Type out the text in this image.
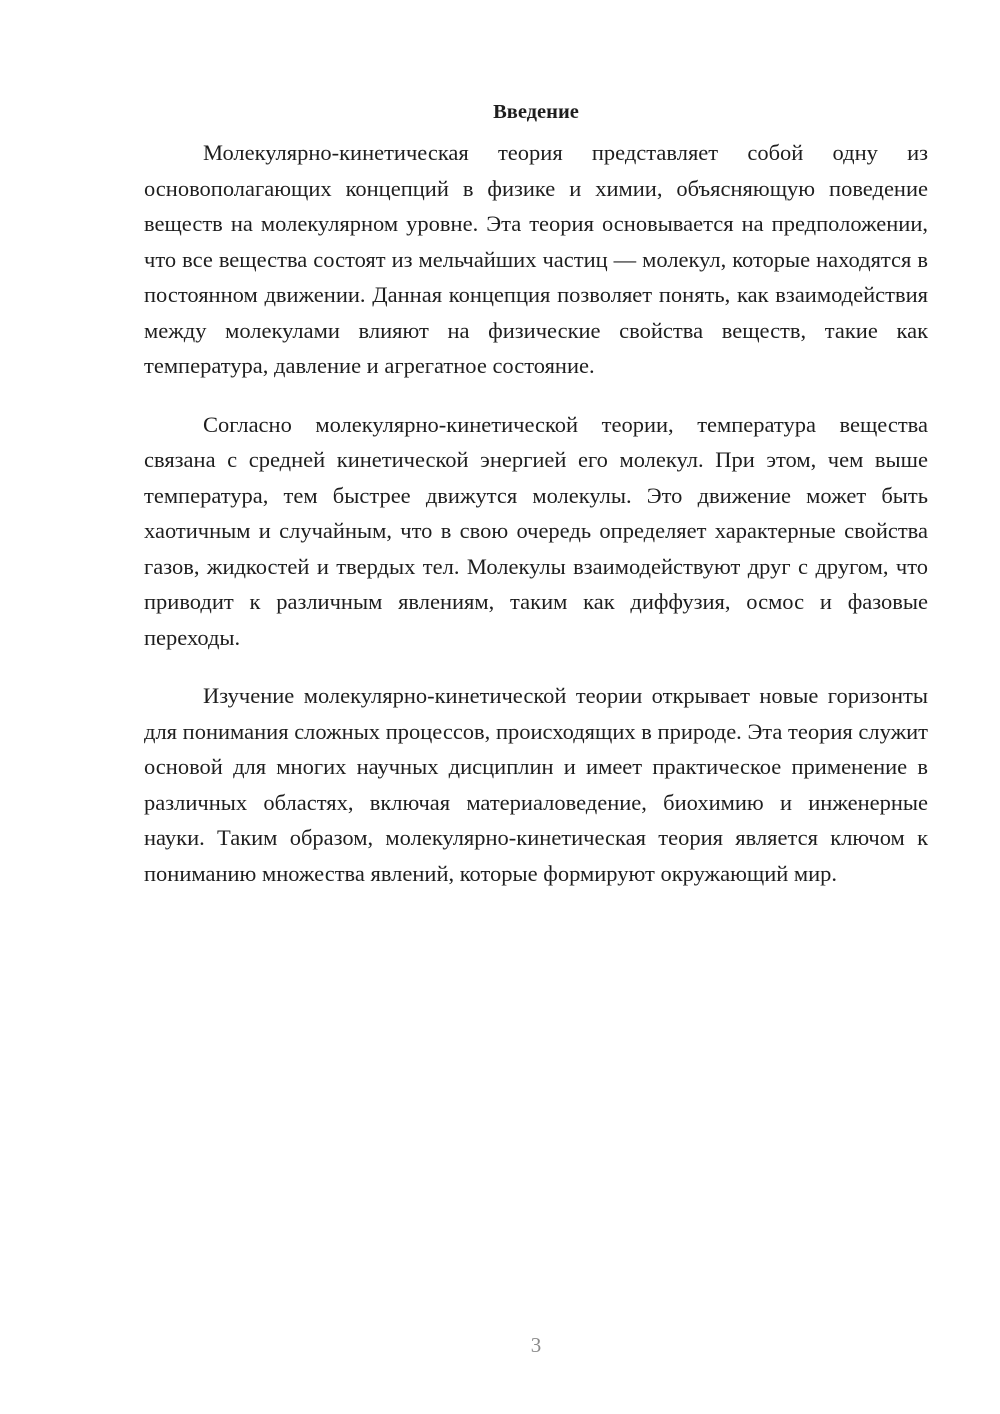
Введение

Молекулярно-кинетическая теория представляет собой одну из основополагающих концепций в физике и химии, объясняющую поведение веществ на молекулярном уровне. Эта теория основывается на предположении, что все вещества состоят из мельчайших частиц — молекул, которые находятся в постоянном движении. Данная концепция позволяет понять, как взаимодействия между молекулами влияют на физические свойства веществ, такие как температура, давление и агрегатное состояние.

Согласно молекулярно-кинетической теории, температура вещества связана с средней кинетической энергией его молекул. При этом, чем выше температура, тем быстрее движутся молекулы. Это движение может быть хаотичным и случайным, что в свою очередь определяет характерные свойства газов, жидкостей и твердых тел. Молекулы взаимодействуют друг с другом, что приводит к различным явлениям, таким как диффузия, осмос и фазовые переходы.

Изучение молекулярно-кинетической теории открывает новые горизонты для понимания сложных процессов, происходящих в природе. Эта теория служит основой для многих научных дисциплин и имеет практическое применение в различных областях, включая материаловедение, биохимию и инженерные науки. Таким образом, молекулярно-кинетическая теория является ключом к пониманию множества явлений, которые формируют окружающий мир.

3
